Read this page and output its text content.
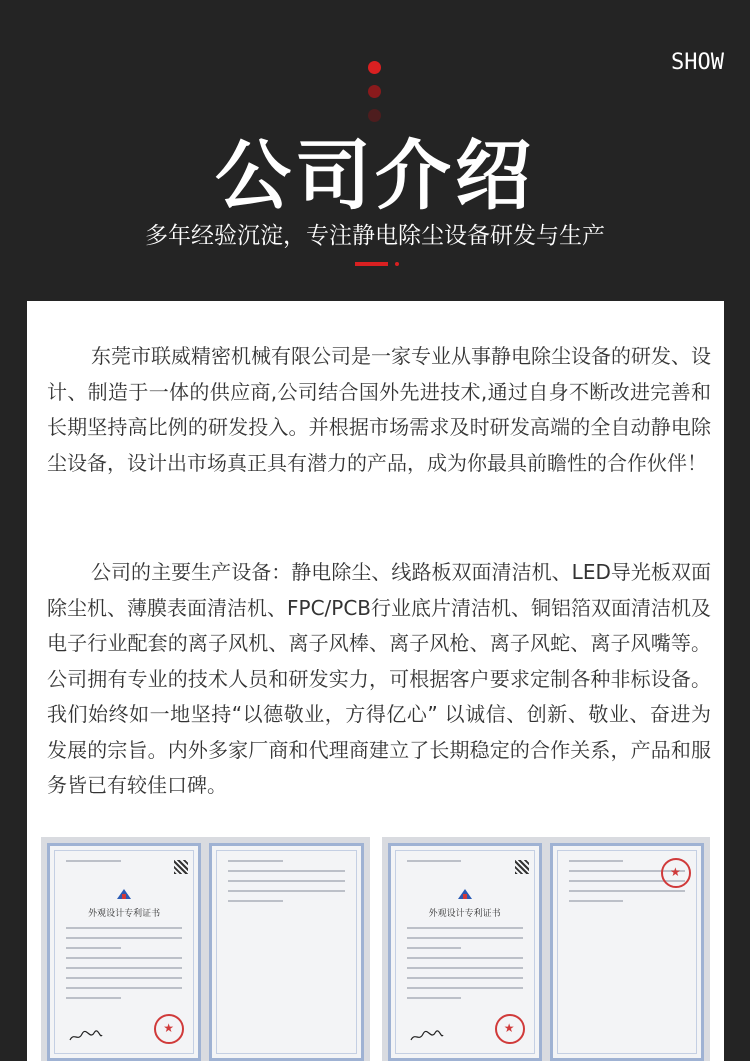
SHOW
公司介绍
多年经验沉淀，专注静电除尘设备研发与生产

东莞市联威精密机械有限公司是一家专业从事静电除尘设备的研发、设计、制造于一体的供应商,公司结合国外先进技术,通过自身不断改进完善和长期坚持高比例的研发投入。并根据市场需求及时研发高端的全自动静电除尘设备，设计出市场真正具有潜力的产品，成为你最具前瞻性的合作伙伴！

公司的主要生产设备：静电除尘、线路板双面清洁机、LED导光板双面除尘机、薄膜表面清洁机、FPC/PCB行业底片清洁机、铜铝箔双面清洁机及电子行业配套的离子风机、离子风棒、离子风枪、离子风蛇、离子风嘴等。公司拥有专业的技术人员和研发实力，可根据客户要求定制各种非标设备。我们始终如一地坚持“以德敬业，方得亿心” 以诚信、创新、敬业、奋进为发展的宗旨。内外多家厂商和代理商建立了长期稳定的合作关系，产品和服务皆已有较佳口碑。

外观设计专利证书
★	外观设计专利证书
★
★
